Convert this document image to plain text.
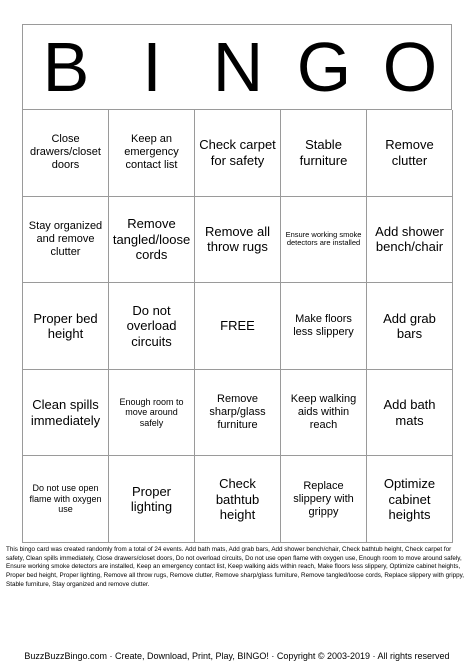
B I N G O
Close drawers/closet doors
Keep an emergency contact list
Check carpet for safety
Stable furniture
Remove clutter
Stay organized and remove clutter
Remove tangled/loose cords
Remove all throw rugs
Ensure working smoke detectors are installed
Add shower bench/chair
Proper bed height
Do not overload circuits
FREE	Make floors less slippery
Add grab bars
Clean spills immediately
Enough room to move around safely
Remove sharp/glass furniture
Keep walking aids within reach
Add bath mats
Do not use open flame with oxygen use
Proper lighting
Check bathtub height
Replace slippery with grippy
Optimize cabinet heights
This bingo card was created randomly from a total of 24 events. Add bath mats, Add grab bars, Add shower bench/chair, Check bathtub height, Check carpet for safety, Clean spills immediately, Close drawers/closet doors, Do not overload circuits, Do not use open flame with oxygen use, Enough room to move around safely, Ensure working smoke detectors are installed, Keep an emergency contact list, Keep walking aids within reach, Make floors less slippery, Optimize cabinet heights, Proper bed height, Proper lighting, Remove all throw rugs, Remove clutter, Remove sharp/glass furniture, Remove tangled/loose cords, Replace slippery with grippy, Stable furniture, Stay organized and remove clutter.
BuzzBuzzBingo.com · Create, Download, Print, Play, BINGO! · Copyright © 2003-2019 · All rights reserved
